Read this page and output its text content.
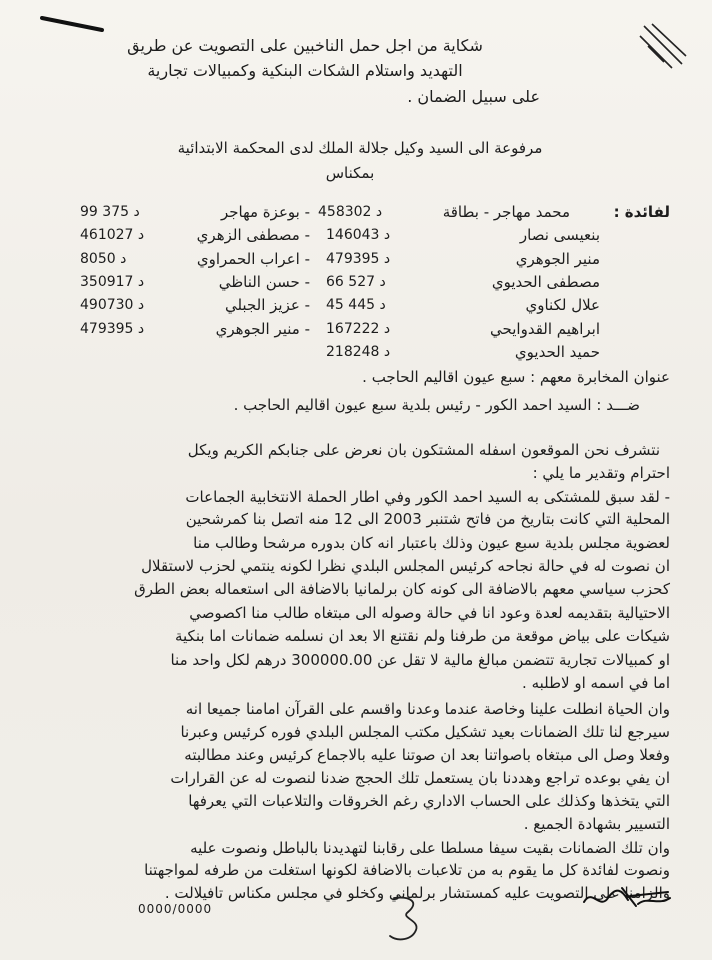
شكاية من اجل حمل الناخبين على التصويت عن طريق
التهديد واستلام الشكات البنكية وكمبيالات تجارية
على سبيل الضمان .
مرفوعة الى السيد وكيل جلالة الملك لدى المحكمة الابتدائية
بمكناس
لفائدة :
محمد مهاجر - بطاقة
بنعيسى نصار
منير الجوهري
مصطفى الحديوي
علال لكناوي
ابراهيم القدوايحي
حميد الحديوي
د 458302
د 146043
د 479395
د 527 66
د 445 45
د 167222
د 218248
- بوعزة مهاجر
- مصطفى الزهري
- اعراب الحمراوي
- حسن الناظي
- عزيز الجبلي
- منير الجوهري
د 375 99
د 461027
د 8050
د 350917
د 490730
د 479395
عنوان المخابرة معهم : سبع عيون اقاليم الحاجب .
ضـــد : السيد احمد الكور - رئيس بلدية سبع عيون اقاليم الحاجب .
نتشرف نحن الموقعون اسفله المشتكون بان نعرض على جنابكم الكريم ويكل
احترام وتقدير ما يلي :
- لقد سبق للمشتكى به السيد احمد الكور وفي اطار الحملة الانتخابية الجماعات
المحلية التي كانت بتاريخ من فاتح شتنبر 2003 الى 12 منه اتصل بنا كمرشحين
لعضوية مجلس بلدية سبع عيون وذلك باعتبار انه كان بدوره مرشحا وطالب منا
ان نصوت له في حالة نجاحه كرئيس المجلس البلدي نظرا لكونه ينتمي لحزب لاستقلال
كحزب سياسي معهم بالاضافة الى كونه كان برلمانيا بالاضافة الى استعماله بعض الطرق
الاحتيالية بتقديمه لعدة وعود انا في حالة وصوله الى مبتغاه طالب منا اكصوصي
شيكات على بياض موقعة من طرفنا ولم نقتنع الا بعد ان نسلمه ضمانات اما بنكية
او كمبيالات تجارية تتضمن مبالغ مالية لا تقل عن 300000.00 درهم لكل واحد منا
اما في اسمه او لاطلبه .
وان الحياة انطلت علينا وخاصة عندما وعدنا واقسم على القرآن امامنا جميعا انه
سيرجع لنا تلك الضمانات بعيد تشكيل مكتب المجلس البلدي فوره كرئيس وعبرنا
وفعلا وصل الى مبتغاه باصواتنا بعد ان صوتنا عليه بالاجماع كرئيس وعند مطالبته
ان يفي بوعده تراجع وهددنا بان يستعمل تلك الحجج ضدنا لنصوت له عن القرارات
التي يتخذها وكذلك على الحساب الاداري رغم الخروقات والتلاعبات التي يعرفها
التسيير بشهادة الجميع .
وان تلك الضمانات بقيت سيفا مسلطا على رقابنا لتهديدنا بالباطل ونصوت عليه
ونصوت لفائدة كل ما يقوم به من تلاعبات بالاضافة لكونها استغلت من طرفه لمواجهتنا
والزامنا على التصويت عليه كمستشار برلماني وكخلو في مجلس مكناس تافيلالت .
0000/0000
